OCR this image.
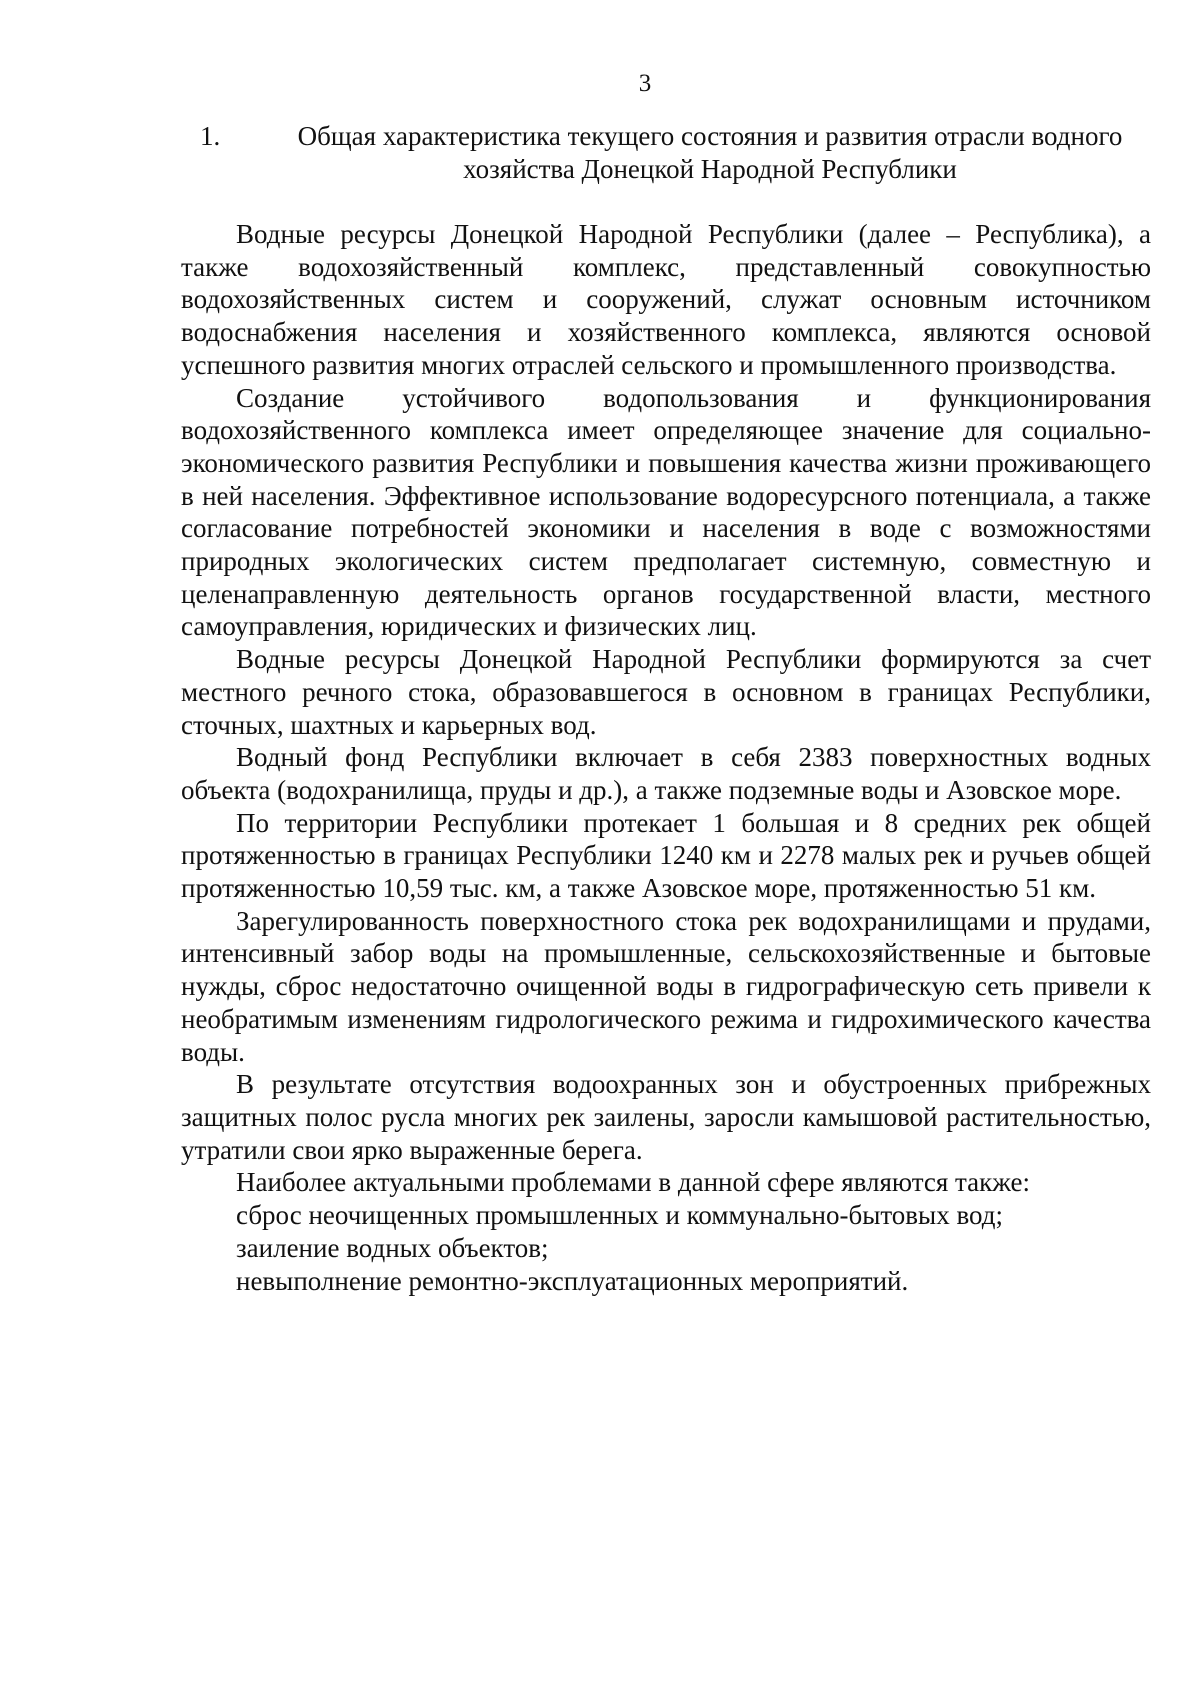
3
1.	Общая характеристика текущего состояния и развития отрасли водного хозяйства Донецкой Народной Республики

Водные ресурсы Донецкой Народной Республики (далее – Республика), а также водохозяйственный комплекс, представленный совокупностью водохозяйственных систем и сооружений, служат основным источником водоснабжения населения и хозяйственного комплекса, являются основой успешного развития многих отраслей сельского и промышленного производства.

Создание устойчивого водопользования и функционирования водохозяйственного комплекса имеет определяющее значение для социально-экономического развития Республики и повышения качества жизни проживающего в ней населения. Эффективное использование водоресурсного потенциала, а также согласование потребностей экономики и населения в воде с возможностями природных экологических систем предполагает системную, совместную и целенаправленную деятельность органов государственной власти, местного самоуправления, юридических и физических лиц.

Водные ресурсы Донецкой Народной Республики формируются за счет местного речного стока, образовавшегося в основном в границах Республики, сточных, шахтных и карьерных вод.

Водный фонд Республики включает в себя 2383 поверхностных водных объекта (водохранилища, пруды и др.), а также подземные воды и Азовское море.

По территории Республики протекает 1 большая и 8 средних рек общей протяженностью в границах Республики 1240 км и 2278 малых рек и ручьев общей протяженностью 10,59 тыс. км, а также Азовское море, протяженностью 51 км.

Зарегулированность поверхностного стока рек водохранилищами и прудами, интенсивный забор воды на промышленные, сельскохозяйственные и бытовые нужды, сброс недостаточно очищенной воды в гидрографическую сеть привели к необратимым изменениям гидрологического режима и гидрохимического качества воды.

В результате отсутствия водоохранных зон и обустроенных прибрежных защитных полос русла многих рек заилены, заросли камышовой растительностью, утратили свои ярко выраженные берега.

Наиболее актуальными проблемами в данной сфере являются также:

сброс неочищенных промышленных и коммунально-бытовых вод;

заиление водных объектов;

невыполнение ремонтно-эксплуатационных мероприятий.
